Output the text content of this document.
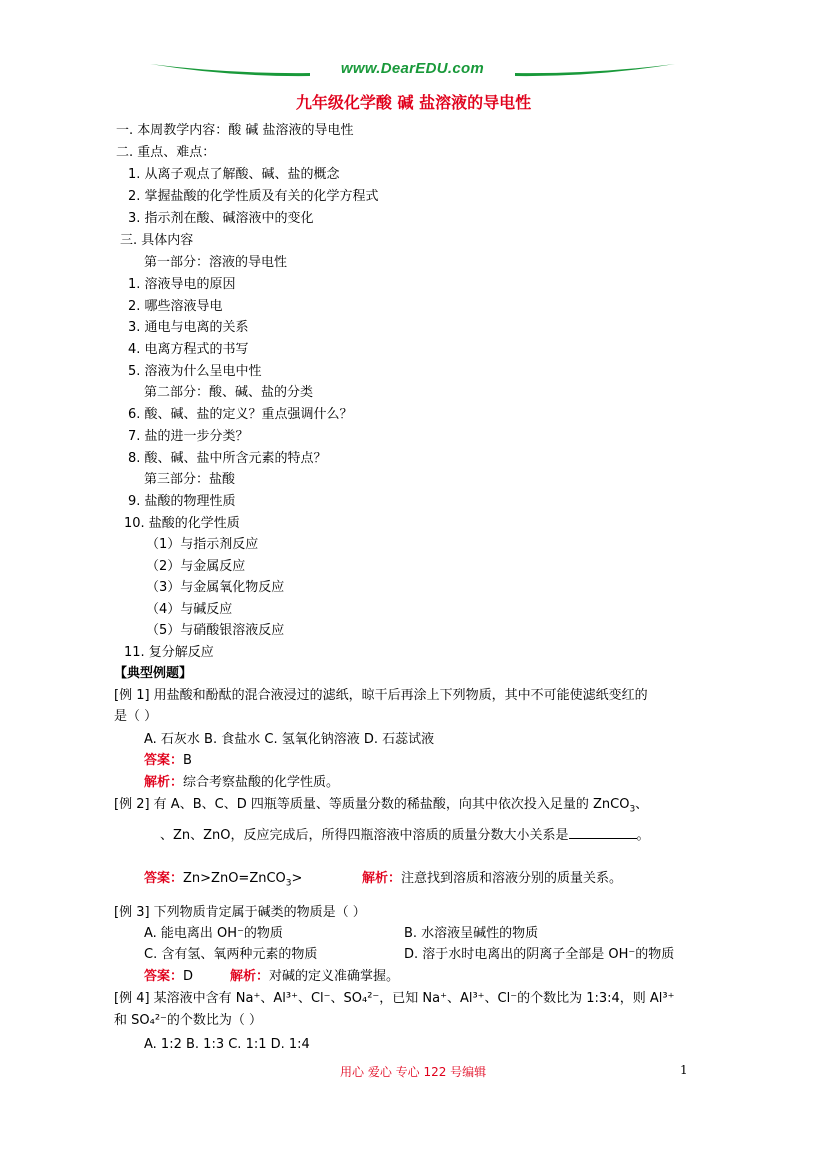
www.DearEDU.com
九年级化学酸 碱 盐溶液的导电性
一. 本周教学内容：酸 碱 盐溶液的导电性
二. 重点、难点：
1. 从离子观点了解酸、碱、盐的概念
2. 掌握盐酸的化学性质及有关的化学方程式
3. 指示剂在酸、碱溶液中的变化
三. 具体内容
第一部分：溶液的导电性
1. 溶液导电的原因
2. 哪些溶液导电
3. 通电与电离的关系
4. 电离方程式的书写
5. 溶液为什么呈电中性
第二部分：酸、碱、盐的分类
6. 酸、碱、盐的定义？重点强调什么？
7. 盐的进一步分类？
8. 酸、碱、盐中所含元素的特点？
第三部分：盐酸
9. 盐酸的物理性质
10. 盐酸的化学性质
（1）与指示剂反应
（2）与金属反应
（3）与金属氧化物反应
（4）与碱反应
（5）与硝酸银溶液反应
11. 复分解反应
【典型例题】
[例 1] 用盐酸和酚酞的混合液浸过的滤纸，晾干后再涂上下列物质，其中不可能使滤纸变红的
是（ ）
A. 石灰水 B. 食盐水 C. 氢氧化钠溶液 D. 石蕊试液
答案：B
解析：综合考察盐酸的化学性质。
[例 2] 有 A、B、C、D 四瓶等质量、等质量分数的稀盐酸，向其中依次投入足量的 ZnCO$_3$、
、Zn、ZnO，反应完成后，所得四瓶溶液中溶质的质量分数大小关系是	。
答案：Zn>ZnO=ZnCO$_3$>	解析：注意找到溶质和溶液分别的质量关系。
[例 3] 下列物质肯定属于碱类的物质是（ ）
A. 能电离出 OH⁻的物质	B. 水溶液呈碱性的物质
C. 含有氢、氧两种元素的物质	D. 溶于水时电离出的阴离子全部是 OH⁻的物质
答案：D	解析：对碱的定义准确掌握。
[例 4] 某溶液中含有 Na⁺、Al³⁺、Cl⁻、SO₄²⁻，已知 Na⁺、Al³⁺、Cl⁻的个数比为 1:3:4，则 Al³⁺
和 SO₄²⁻的个数比为（ ）
A. 1:2 B. 1:3 C. 1:1 D. 1:4
用心 爱心 专心 122 号编辑	1
